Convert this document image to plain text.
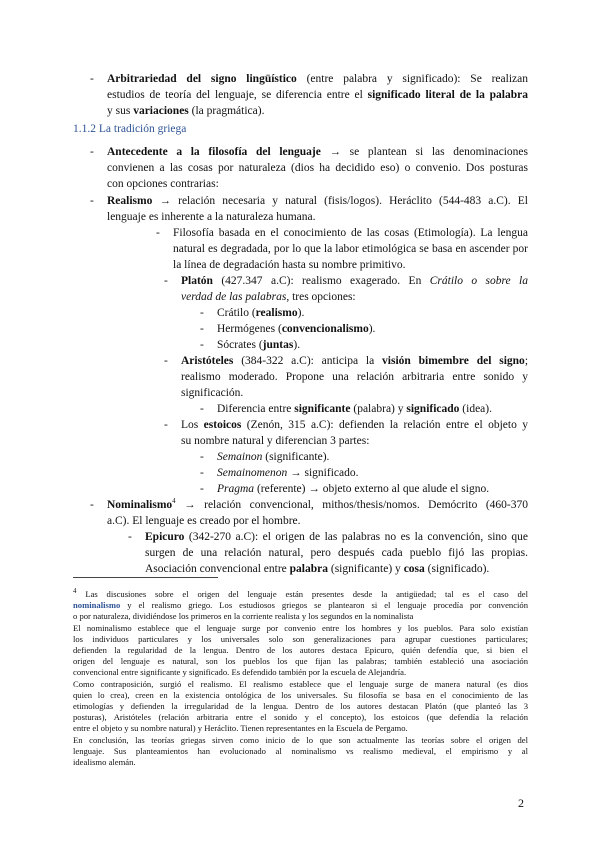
- Arbitrariedad del signo lingüístico (entre palabra y significado): Se realizan
estudios de teoría del lenguaje, se diferencia entre el significado literal de la palabra
y sus variaciones (la pragmática).
1.1.2 La tradición griega
- Antecedente a la filosofía del lenguaje → se plantean si las denominaciones
convienen a las cosas por naturaleza (dios ha decidido eso) o convenio. Dos posturas
con opciones contrarias:
- Realismo → relación necesaria y natural (fisis/logos). Heráclito (544-483 a.C). El
lenguaje es inherente a la naturaleza humana.
- Filosofía basada en el conocimiento de las cosas (Etimología). La lengua
natural es degradada, por lo que la labor etimológica se basa en ascender por
la línea de degradación hasta su nombre primitivo.
- Platón (427.347 a.C): realismo exagerado. En Crátilo o sobre la
verdad de las palabras, tres opciones:
- Crátilo (realismo).
- Hermógenes (convencionalismo).
- Sócrates (juntas).
- Aristóteles (384-322 a.C): anticipa la visión bimembre del signo;
realismo moderado. Propone una relación arbitraria entre sonido y
significación.
- Diferencia entre significante (palabra) y significado (idea).
- Los estoicos (Zenón, 315 a.C): defienden la relación entre el objeto y
su nombre natural y diferencian 3 partes:
- Semainon (significante).
- Semainomenon → significado.
- Pragma (referente) → objeto externo al que alude el signo.
- Nominalismo$^4$ → relación convencional, mithos/thesis/nomos. Demócrito (460-370
a.C). El lenguaje es creado por el hombre.
- Epicuro (342-270 a.C): el origen de las palabras no es la convención, sino que
surgen de una relación natural, pero después cada pueblo fijó las propias.
Asociación convencional entre palabra (significante) y cosa (significado).
$^4$ Las discusiones sobre el origen del lenguaje están presentes desde la antigüedad; tal es el caso del
nominalismo y el realismo griego. Los estudiosos griegos se plantearon si el lenguaje procedía por convención
o por naturaleza, dividiéndose los primeros en la corriente realista y los segundos en la nominalista
El nominalismo establece que el lenguaje surge por convenio entre los hombres y los pueblos. Para solo existían
los individuos particulares y los universales solo son generalizaciones para agrupar cuestiones particulares;
defienden la regularidad de la lengua. Dentro de los autores destaca Epicuro, quién defendía que, si bien el
origen del lenguaje es natural, son los pueblos los que fijan las palabras; también estableció una asociación
convencional entre significante y significado. Es defendido también por la escuela de Alejandría.
Como contraposición, surgió el realismo. El realismo establece que el lenguaje surge de manera natural (es dios
quien lo crea), creen en la existencia ontológica de los universales. Su filosofía se basa en el conocimiento de las
etimologías y defienden la irregularidad de la lengua. Dentro de los autores destacan Platón (que planteó las 3
posturas), Aristóteles (relación arbitraria entre el sonido y el concepto), los estoicos (que defendía la relación
entre el objeto y su nombre natural) y Heráclito. Tienen representantes en la Escuela de Pergamo.
En conclusión, las teorías griegas sirven como inicio de lo que son actualmente las teorías sobre el origen del
lenguaje. Sus planteamientos han evolucionado al nominalismo vs realismo medieval, el empirismo y al
idealismo alemán.
2
